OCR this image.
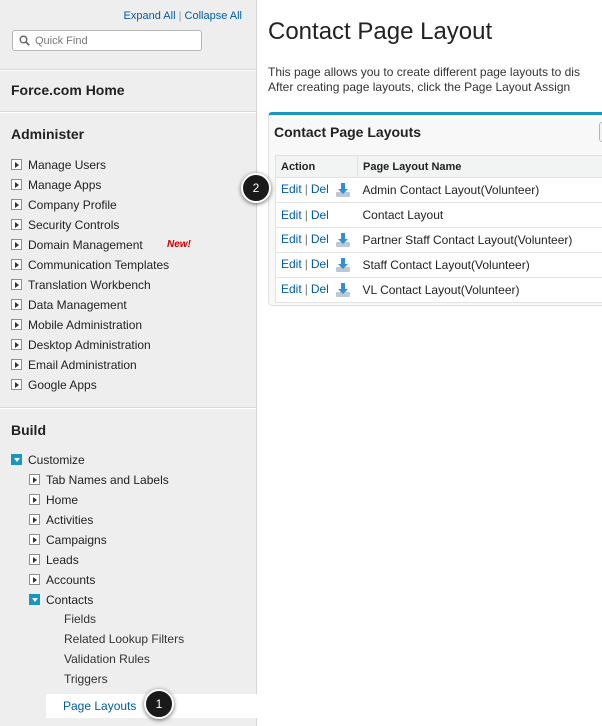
Expand All | Collapse All
Quick Find
Force.com Home
Administer
Manage Users
Manage Apps
Company Profile
Security Controls
Domain Management New!
Communication Templates
Translation Workbench
Data Management
Mobile Administration
Desktop Administration
Email Administration
Google Apps
Build
Customize
Tab Names and Labels
Home
Activities
Campaigns
Leads
Accounts
Contacts
Fields
Related Lookup Filters
Validation Rules
Triggers
Page Layouts
Contact Page Layout
This page allows you to create different page layouts to dis
After creating page layouts, click the Page Layout Assign
Contact Page Layouts
Action	Page Layout Name
Edit | Del	Admin Contact Layout(Volunteer)
Edit | Del	Contact Layout
Edit | Del	Partner Staff Contact Layout(Volunteer)
Edit | Del	Staff Contact Layout(Volunteer)
Edit | Del	VL Contact Layout(Volunteer)
1
2
